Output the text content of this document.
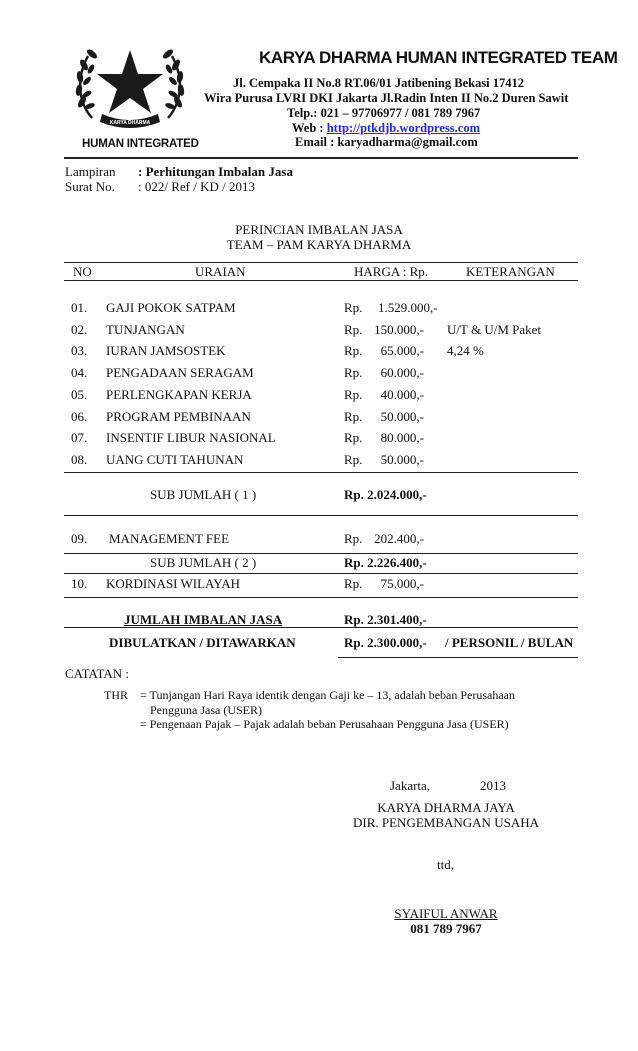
KARYA DHARMA
HUMAN INTEGRATED
KARYA DHARMA HUMAN INTEGRATED TEAM
Jl. Cempaka II No.8 RT.06/01 Jatibening Bekasi 17412
Wira Purusa LVRI DKI Jakarta Jl.Radin Inten II No.2 Duren Sawit
Telp.: 021 – 97706977 / 081 789 7967
Web : http://ptkdjb.wordpress.com
Email : karyadharma@gmail.com
Lampiran : Perhitungan Imbalan Jasa
Surat No. : 022/ Ref / KD / 2013
PERINCIAN IMBALAN JASA
TEAM – PAM KARYA DHARMA
NO	URAIAN	HARGA : Rp.	KETERANGAN
01. GAJI POKOK SATPAM	Rp. 1.529.000,-
02. TUNJANGAN	Rp. 150.000,- U/T & U/M Paket
03. IURAN JAMSOSTEK	Rp. 65.000,- 4,24 %
04. PENGADAAN SERAGAM	Rp. 60.000,-
05. PERLENGKAPAN KERJA	Rp. 40.000,-
06. PROGRAM PEMBINAAN	Rp. 50.000,-
07. INSENTIF LIBUR NASIONAL	Rp. 80.000,-
08. UANG CUTI TAHUNAN	Rp. 50.000,-
SUB JUMLAH ( 1 )	Rp. 2.024.000,-
09. MANAGEMENT FEE	Rp. 202.400,-
SUB JUMLAH ( 2 )	Rp. 2.226.400,-
10. KORDINASI WILAYAH	Rp. 75.000,-
JUMLAH IMBALAN JASA	Rp. 2.301.400,-
DIBULATKAN / DITAWARKAN	Rp. 2.300.000,- / PERSONIL / BULAN
CATATAN :
THR = Tunjangan Hari Raya identik dengan Gaji ke – 13, adalah beban Perusahaan
Pengguna Jasa (USER)
= Pengenaan Pajak – Pajak adalah beban Perusahaan Pengguna Jasa (USER)
Jakarta,	2013
KARYA DHARMA JAYA
DIR. PENGEMBANGAN USAHA
ttd,
SYAIFUL ANWAR
081 789 7967
